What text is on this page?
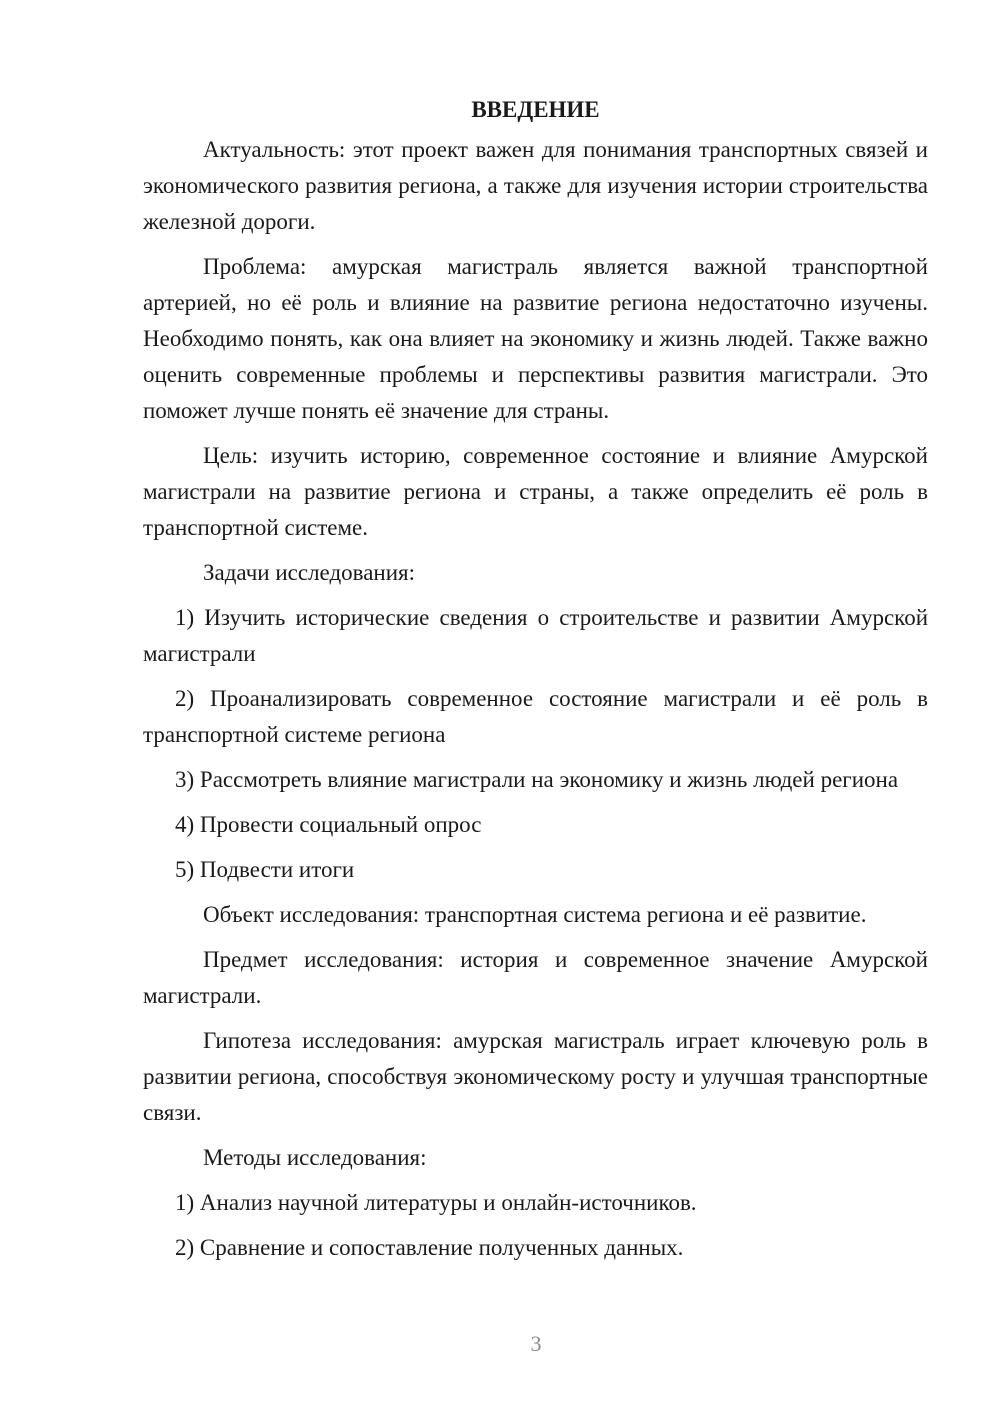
ВВЕДЕНИЕ

Актуальность: этот проект важен для понимания транспортных связей и экономического развития региона, а также для изучения истории строительства железной дороги.

Проблема: амурская магистраль является важной транспортной артерией, но её роль и влияние на развитие региона недостаточно изучены. Необходимо понять, как она влияет на экономику и жизнь людей. Также важно оценить современные проблемы и перспективы развития магистрали. Это поможет лучше понять её значение для страны.

Цель: изучить историю, современное состояние и влияние Амурской магистрали на развитие региона и страны, а также определить её роль в транспортной системе.

Задачи исследования:

1) Изучить исторические сведения о строительстве и развитии Амурской магистрали

2) Проанализировать современное состояние магистрали и её роль в транспортной системе региона

3) Рассмотреть влияние магистрали на экономику и жизнь людей региона

4) Провести социальный опрос

5) Подвести итоги

Объект исследования: транспортная система региона и её развитие.

Предмет исследования: история и современное значение Амурской магистрали.

Гипотеза исследования: амурская магистраль играет ключевую роль в развитии региона, способствуя экономическому росту и улучшая транспортные связи.

Методы исследования:

1) Анализ научной литературы и онлайн-источников.

2) Сравнение и сопоставление полученных данных.

3
